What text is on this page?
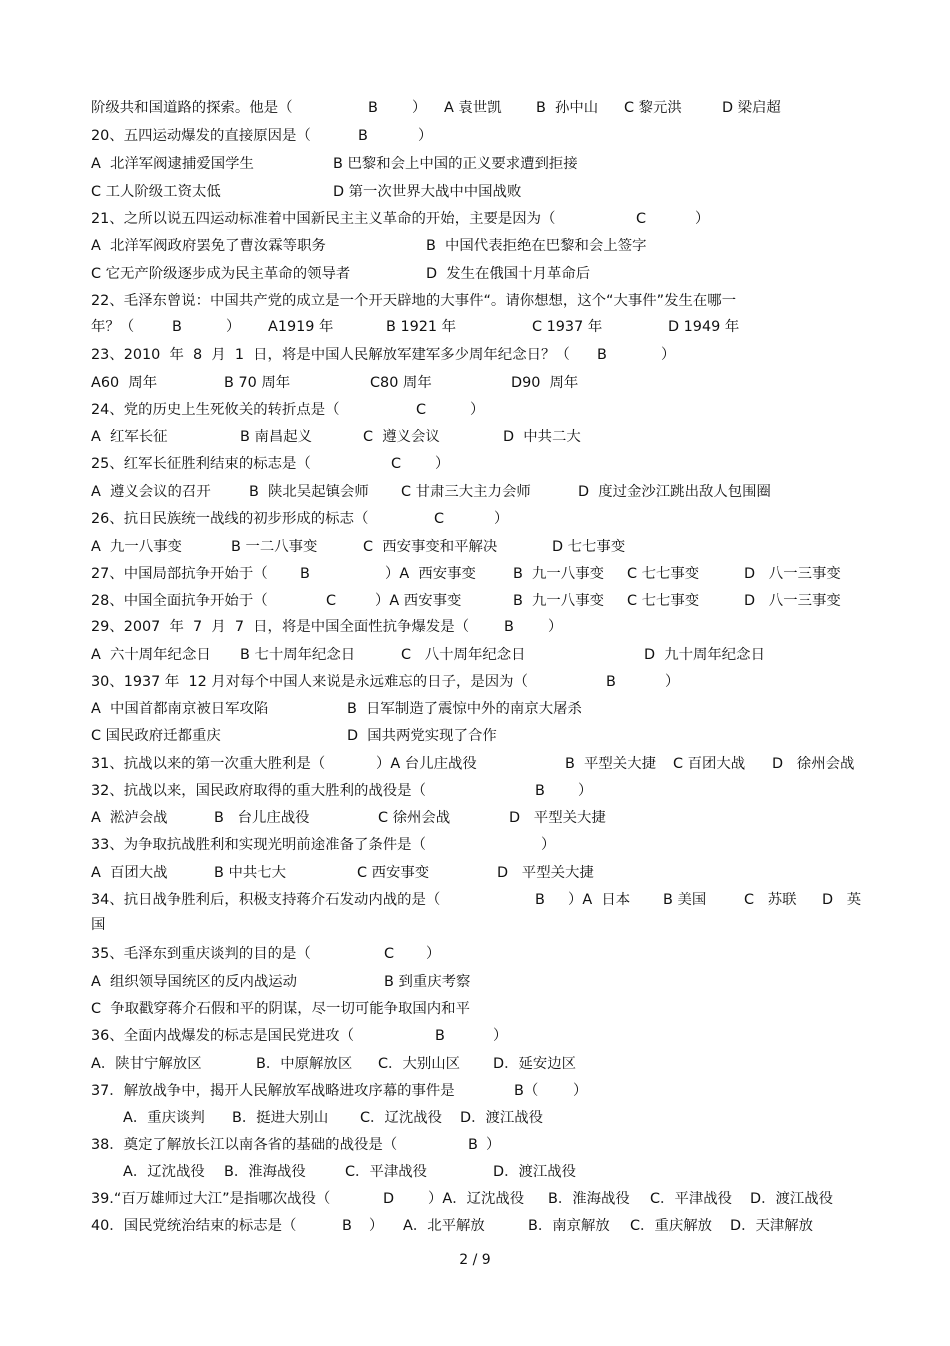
阶级共和国道路的探索。他是（	B ） A 袁世凯 B  孙中山 C 黎元洪	D 梁启超
20、五四运动爆发的直接原因是（	B	）
A  北洋军阀逮捕爱国学生	B 巴黎和会上中国的正义要求遭到拒接
C 工人阶级工资太低	D 第一次世界大战中中国战败
21、之所以说五四运动标准着中国新民主主义革命的开始，主要是因为（	C	）
A  北洋军阀政府罢免了曹汝霖等职务	B  中国代表拒绝在巴黎和会上签字
C 它无产阶级逐步成为民主革命的领导者	D  发生在俄国十月革命后
22、毛泽东曾说：中国共产党的成立是一个开天辟地的大事件“。请你想想，这个“大事件”发生在哪一
年？（	B	） A1919 年	B 1921 年	C 1937 年	D 1949 年
23、2010  年  8  月  1  日，将是中国人民解放军建军多少周年纪念日？（ B	）
A60  周年	B 70 周年	C80 周年	D90  周年
24、党的历史上生死攸关的转折点是（	C	）
A  红军长征	B 南昌起义	C  遵义会议	D  中共二大
25、红军长征胜利结束的标志是（	C ）
A  遵义会议的召开	B  陕北吴起镇会师 C 甘肃三大主力会师	D  度过金沙江跳出敌人包围圈
26、抗日民族统一战线的初步形成的标志（	C	）
A  九一八事变	B 一二八事变	C  西安事变和平解决	D 七七事变
27、中国局部抗争开始于（ B	）A  西安事变	B  九一八事变 C 七七事变	D   八一三事变
28、中国全面抗争开始于（	C	）A 西安事变	B  九一八事变 C 七七事变	D   八一三事变
29、2007  年  7  月  7  日，将是中国全面性抗争爆发是（ B ）
A  六十周年纪念日 B 七十周年纪念日	C   八十周年纪念日	D  九十周年纪念日
30、1937 年  12 月对每个中国人来说是永远难忘的日子，是因为（	B	）
A  中国首都南京被日军攻陷	B  日军制造了震惊中外的南京大屠杀
C 国民政府迁都重庆	D  国共两党实现了合作
31、抗战以来的第一次重大胜利是（	）A 台儿庄战役	B  平型关大捷 C 百团大战 D   徐州会战
32、抗战以来，国民政府取得的重大胜利的战役是（	B ）
A  淞泸会战	B   台儿庄战役	C 徐州会战	D   平型关大捷
33、为争取抗战胜利和实现光明前途准备了条件是（	）
A  百团大战	B 中共七大	C 西安事变	D   平型关大捷
34、抗日战争胜利后，积极支持蒋介石发动内战的是（	B ）A  日本 B 美国	C   苏联 D   英
国
35、毛泽东到重庆谈判的目的是（	C ）
A  组织领导国统区的反内战运动	B 到重庆考察
C  争取戳穿蒋介石假和平的阴谋，尽一切可能争取国内和平
36、全面内战爆发的标志是国民党进攻（	B	）
A．陕甘宁解放区	B．中原解放区 C．大别山区 D．延安边区
37．解放战争中，揭开人民解放军战略进攻序幕的事件是	B（ ）
A．重庆谈判 B．挺进大别山 C．辽沈战役 D．渡江战役
38．奠定了解放长江以南各省的基础的战役是（	B ）
A．辽沈战役 B．淮海战役	C．平津战役	D．渡江战役
39.“百万雄师过大江”是指哪次战役（	D ）A．辽沈战役 B．淮海战役 C．平津战役 D．渡江战役
40．国民党统治结束的标志是（	B ） A．北平解放	B．南京解放 C．重庆解放 D．天津解放
2 / 9
